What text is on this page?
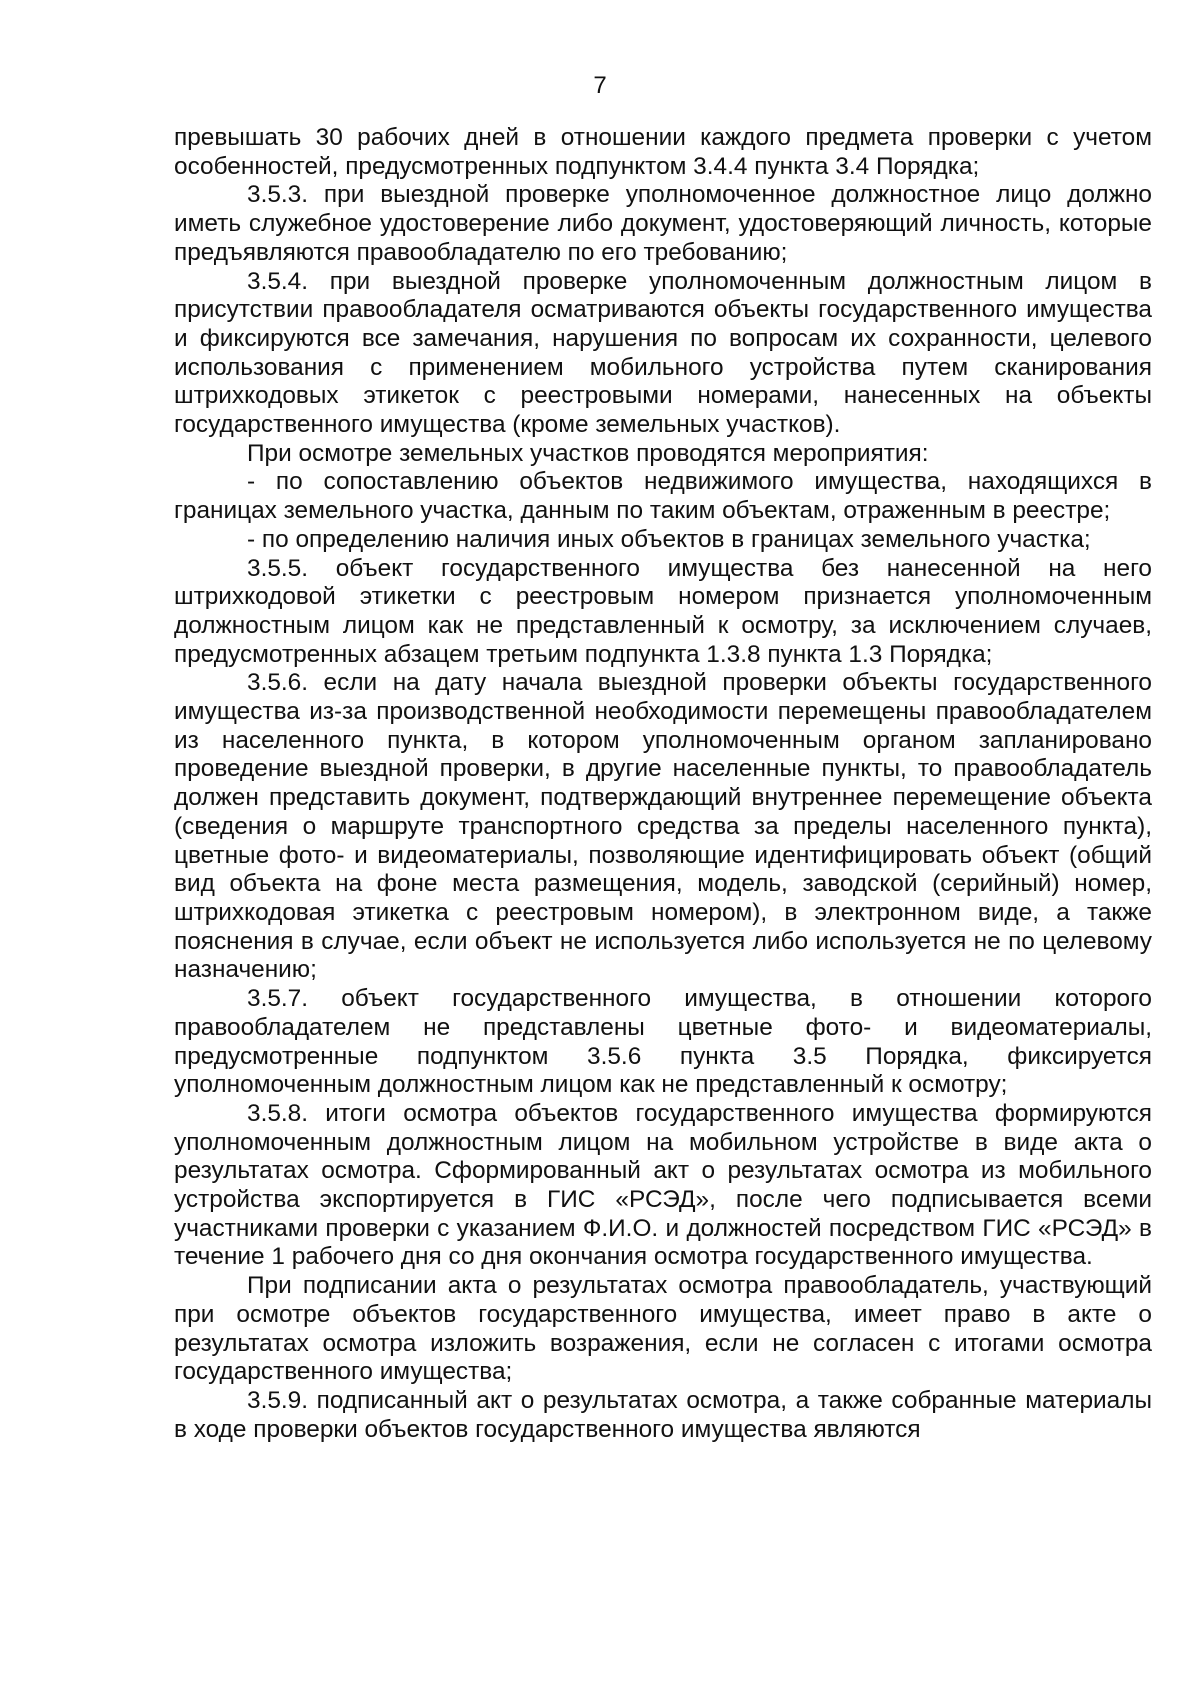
7

превышать 30 рабочих дней в отношении каждого предмета проверки с учетом особенностей, предусмотренных подпунктом 3.4.4 пункта 3.4 Порядка;

3.5.3. при выездной проверке уполномоченное должностное лицо должно иметь служебное удостоверение либо документ, удостоверяющий личность, которые предъявляются правообладателю по его требованию;

3.5.4. при выездной проверке уполномоченным должностным лицом в присутствии правообладателя осматриваются объекты государственного имущества и фиксируются все замечания, нарушения по вопросам их сохранности, целевого использования с применением мобильного устройства путем сканирования штрихкодовых этикеток с реестровыми номерами, нанесенных на объекты государственного имущества (кроме земельных участков).

При осмотре земельных участков проводятся мероприятия:

- по сопоставлению объектов недвижимого имущества, находящихся в границах земельного участка, данным по таким объектам, отраженным в реестре;

- по определению наличия иных объектов в границах земельного участка;

3.5.5. объект государственного имущества без нанесенной на него штрихкодовой этикетки с реестровым номером признается уполномоченным должностным лицом как не представленный к осмотру, за исключением случаев, предусмотренных абзацем третьим подпункта 1.3.8 пункта 1.3 Порядка;

3.5.6. если на дату начала выездной проверки объекты государственного имущества из-за производственной необходимости перемещены правообладателем из населенного пункта, в котором уполномоченным органом запланировано проведение выездной проверки, в другие населенные пункты, то правообладатель должен представить документ, подтверждающий внутреннее перемещение объекта (сведения о маршруте транспортного средства за пределы населенного пункта), цветные фото- и видеоматериалы, позволяющие идентифицировать объект (общий вид объекта на фоне места размещения, модель, заводской (серийный) номер, штрихкодовая этикетка с реестровым номером), в электронном виде, а также пояснения в случае, если объект не используется либо используется не по целевому назначению;

3.5.7. объект государственного имущества, в отношении которого правообладателем не представлены цветные фото- и видеоматериалы, предусмотренные подпунктом 3.5.6 пункта 3.5 Порядка, фиксируется уполномоченным должностным лицом как не представленный к осмотру;

3.5.8. итоги осмотра объектов государственного имущества формируются уполномоченным должностным лицом на мобильном устройстве в виде акта о результатах осмотра. Сформированный акт о результатах осмотра из мобильного устройства экспортируется в ГИС «РСЭД», после чего подписывается всеми участниками проверки с указанием Ф.И.О. и должностей посредством ГИС «РСЭД» в течение 1 рабочего дня со дня окончания осмотра государственного имущества.

При подписании акта о результатах осмотра правообладатель, участвующий при осмотре объектов государственного имущества, имеет право в акте о результатах осмотра изложить возражения, если не согласен с итогами осмотра государственного имущества;

3.5.9. подписанный акт о результатах осмотра, а также собранные материалы в ходе проверки объектов государственного имущества являются
